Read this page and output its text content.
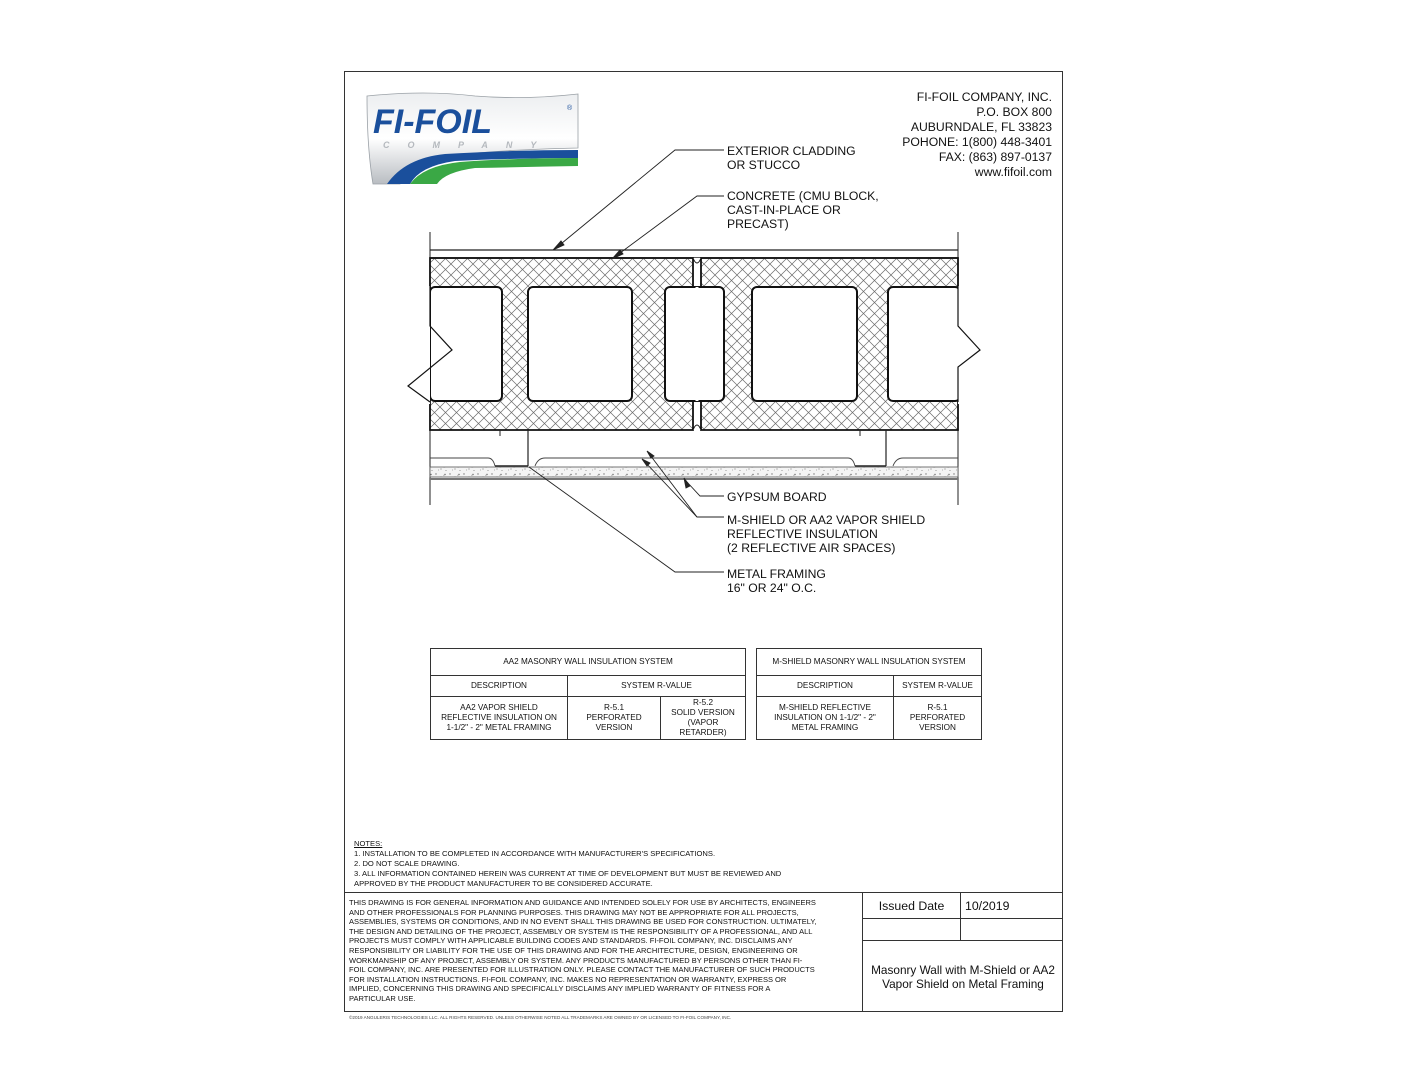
FI-FOIL	®
COMPANY
FI-FOIL COMPANY, INC.
P.O. BOX 800
AUBURNDALE, FL 33823
POHONE: 1(800) 448-3401
FAX: (863) 897-0137
www.fifoil.com
EXTERIOR CLADDING
OR STUCCO
CONCRETE (CMU BLOCK,
CAST-IN-PLACE OR
PRECAST)
GYPSUM BOARD
M-SHIELD OR AA2 VAPOR SHIELD
REFLECTIVE INSULATION
(2 REFLECTIVE AIR SPACES)
METAL FRAMING
16" OR 24" O.C.
AA2 MASONRY WALL INSULATION SYSTEM		
DESCRIPTION	SYSTEM R-VALUE	

AA2 VAPOR SHIELD
REFLECTIVE INSULATION ON
1-1/2" - 2" METAL FRAMING

R-5.1
PERFORATED
VERSION

R-5.2
SOLID VERSION
(VAPOR RETARDER)
M-SHIELD MASONRY WALL INSULATION SYSTEM	
DESCRIPTION	SYSTEM R-VALUE

M-SHIELD REFLECTIVE
INSULATION ON 1-1/2" - 2"
METAL FRAMING

R-5.1
PERFORATED
VERSION
NOTES:
1. INSTALLATION TO BE COMPLETED IN ACCORDANCE WITH MANUFACTURER'S SPECIFICATIONS.
2. DO NOT SCALE DRAWING.
3. ALL INFORMATION CONTAINED HEREIN WAS CURRENT AT TIME OF DEVELOPMENT BUT MUST BE REVIEWED AND
APPROVED BY THE PRODUCT MANUFACTURER TO BE CONSIDERED ACCURATE.
THIS DRAWING IS FOR GENERAL INFORMATION AND GUIDANCE AND INTENDED SOLELY FOR USE BY ARCHITECTS, ENGINEERS
AND OTHER PROFESSIONALS FOR PLANNING PURPOSES. THIS DRAWING MAY NOT BE APPROPRIATE FOR ALL PROJECTS,
ASSEMBLIES, SYSTEMS OR CONDITIONS, AND IN NO EVENT SHALL THIS DRAWING BE USED FOR CONSTRUCTION. ULTIMATELY,
THE DESIGN AND DETAILING OF THE PROJECT, ASSEMBLY OR SYSTEM IS THE RESPONSIBILITY OF A PROFESSIONAL, AND ALL
PROJECTS MUST COMPLY WITH APPLICABLE BUILDING CODES AND STANDARDS. FI-FOIL COMPANY, INC. DISCLAIMS ANY
RESPONSIBILITY OR LIABILITY FOR THE USE OF THIS DRAWING AND FOR THE ARCHITECTURE, DESIGN, ENGINEERING OR
WORKMANSHIP OF ANY PROJECT, ASSEMBLY OR SYSTEM. ANY PRODUCTS MANUFACTURED BY PERSONS OTHER THAN FI-
FOIL COMPANY, INC. ARE PRESENTED FOR ILLUSTRATION ONLY. PLEASE CONTACT THE MANUFACTURER OF SUCH PRODUCTS
FOR INSTALLATION INSTRUCTIONS. FI-FOIL COMPANY, INC. MAKES NO REPRESENTATION OR WARRANTY, EXPRESS OR
IMPLIED, CONCERNING THIS DRAWING AND SPECIFICALLY DISCLAIMS ANY IMPLIED WARRANTY OF FITNESS FOR A
PARTICULAR USE.
Issued Date	10/2019
Masonry Wall with M-Shield or AA2
Vapor Shield on Metal Framing
©2019 ANGULERIS TECHNOLOGIES LLC. ALL RIGHTS RESERVED. UNLESS OTHERWISE NOTED ALL TRADEMARKS ARE OWNED BY OR LICENSED TO FI-FOIL COMPANY, INC.
